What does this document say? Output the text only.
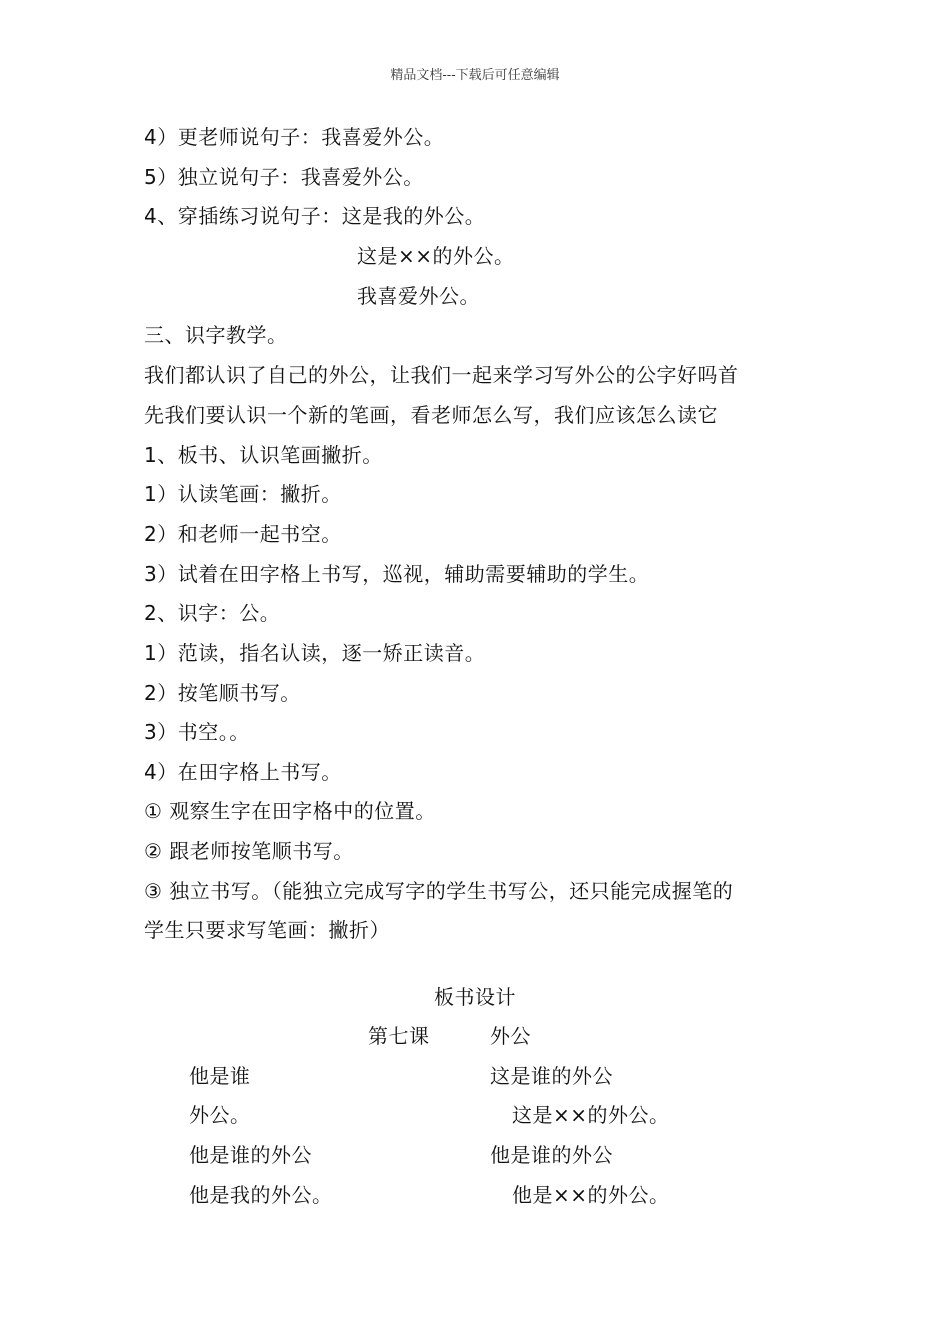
精品文档---下载后可任意编辑
4）更老师说句子：我喜爱外公。
5）独立说句子：我喜爱外公。
4、穿插练习说句子：这是我的外公。
这是××的外公。
我喜爱外公。
三、识字教学。
我们都认识了自己的外公，让我们一起来学习写外公的公字好吗首
先我们要认识一个新的笔画，看老师怎么写，我们应该怎么读它
1、板书、认识笔画撇折。
1）认读笔画：撇折。
2）和老师一起书空。
3）试着在田字格上书写，巡视，辅助需要辅助的学生。
2、识字：公。
1）范读，指名认读，逐一矫正读音。
2）按笔顺书写。
3）书空。。
4）在田字格上书写。
① 观察生字在田字格中的位置。
② 跟老师按笔顺书写。
③ 独立书写。（能独立完成写字的学生书写公，还只能完成握笔的
学生只要求写笔画：撇折）
板书设计
第七课	外公
他是谁
外公。
他是谁的外公
他是我的外公。
这是谁的外公
这是××的外公。
他是谁的外公
他是××的外公。
